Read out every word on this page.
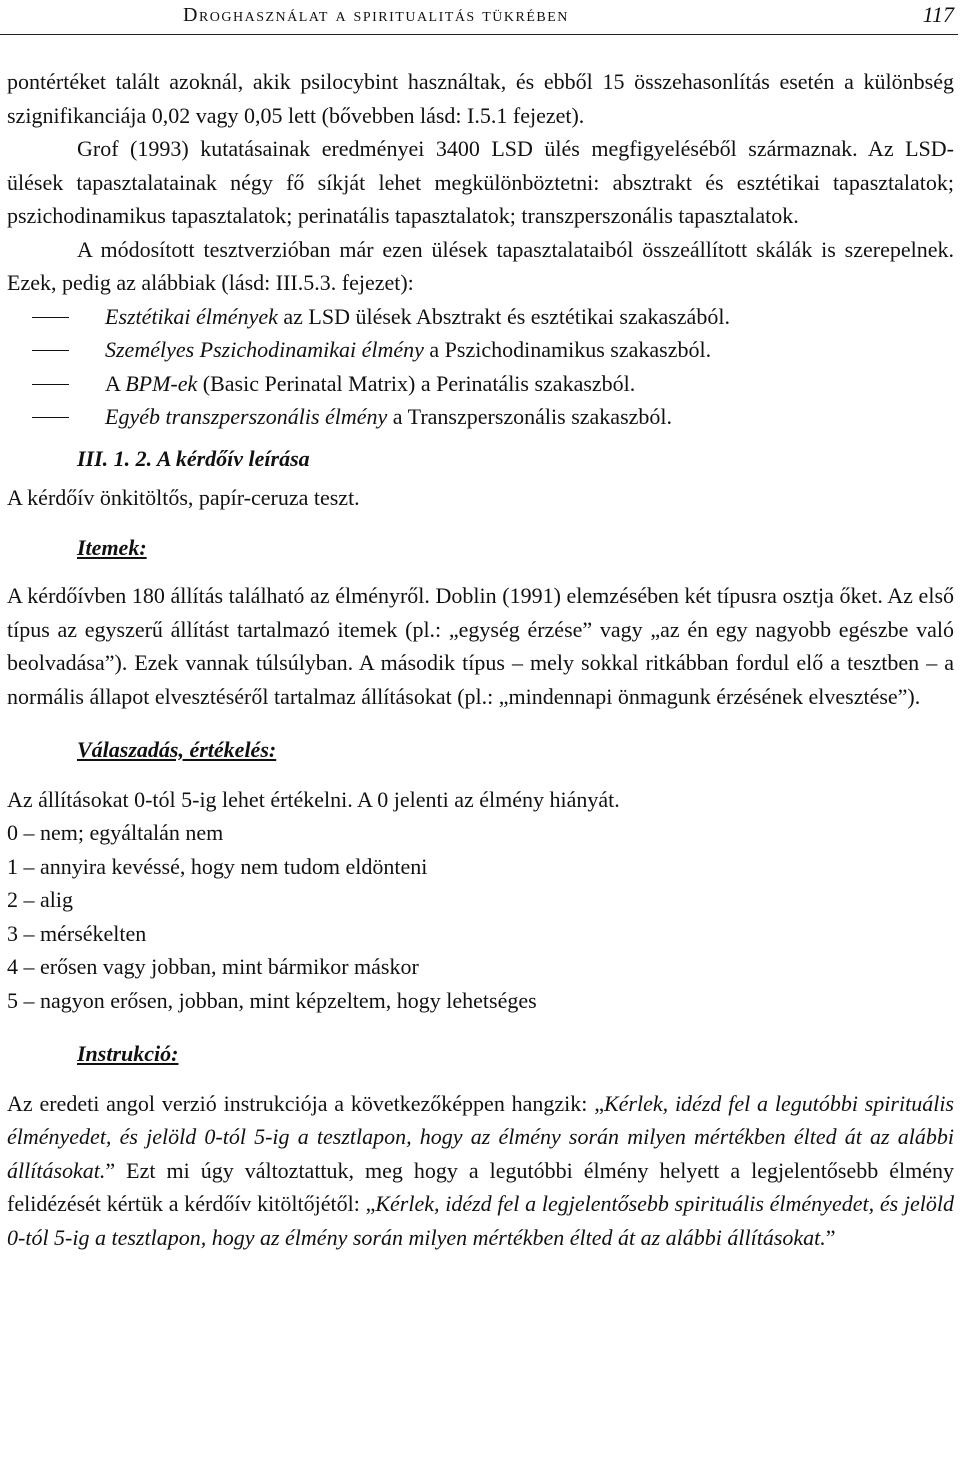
Droghasználat a spiritualitás tükrében	117

pontértéket talált azoknál, akik psilocybint használtak, és ebből 15 összehasonlítás esetén a különbség szignifikanciája 0,02 vagy 0,05 lett (bővebben lásd: I.5.1 fejezet).

Grof (1993) kutatásainak eredményei 3400 LSD ülés megfigyeléséből származnak. Az LSD- ülések tapasztalatainak négy fő síkját lehet megkülönböztetni: absztrakt és esztétikai tapasztalatok; pszichodinamikus tapasztalatok; perinatális tapasztalatok; transzperszonális tapasztalatok.

A módosított tesztverzióban már ezen ülések tapasztalataiból összeállított skálák is szerepelnek. Ezek, pedig az alábbiak (lásd: III.5.3. fejezet):

Esztétikai élmények az LSD ülések Absztrakt és esztétikai szakaszából.
Személyes Pszichodinamikai élmény a Pszichodinamikus szakaszból.
A BPM-ek (Basic Perinatal Matrix) a Perinatális szakaszból.
Egyéb transzperszonális élmény a Transzperszonális szakaszból.
III. 1. 2. A kérdőív leírása

A kérdőív önkitöltős, papír-ceruza teszt.

Itemek:

A kérdőívben 180 állítás található az élményről. Doblin (1991) elemzésében két típusra osztja őket. Az első típus az egyszerű állítást tartalmazó itemek (pl.: „egység érzése” vagy „az én egy nagyobb egészbe való beolvadása”). Ezek vannak túlsúlyban. A második típus – mely sokkal ritkábban fordul elő a tesztben – a normális állapot elvesztéséről tartalmaz állításokat (pl.: „mindennapi önmagunk érzésének elvesztése”).

Válaszadás, értékelés:

Az állításokat 0-tól 5-ig lehet értékelni. A 0 jelenti az élmény hiányát.

0 – nem; egyáltalán nem
1 – annyira kevéssé, hogy nem tudom eldönteni
2 – alig
3 – mérsékelten
4 – erősen vagy jobban, mint bármikor máskor
5 – nagyon erősen, jobban, mint képzeltem, hogy lehetséges
Instrukció:

Az eredeti angol verzió instrukciója a következőképpen hangzik: „Kérlek, idézd fel a legutóbbi spirituális élményedet, és jelöld 0-tól 5-ig a tesztlapon, hogy az élmény során milyen mértékben élted át az alábbi állításokat.” Ezt mi úgy változtattuk, meg hogy a legutóbbi élmény helyett a legjelentősebb élmény felidézését kértük a kérdőív kitöltőjétől: „Kérlek, idézd fel a legjelentősebb spirituális élményedet, és jelöld 0-tól 5-ig a tesztlapon, hogy az élmény során milyen mértékben élted át az alábbi állításokat.”
